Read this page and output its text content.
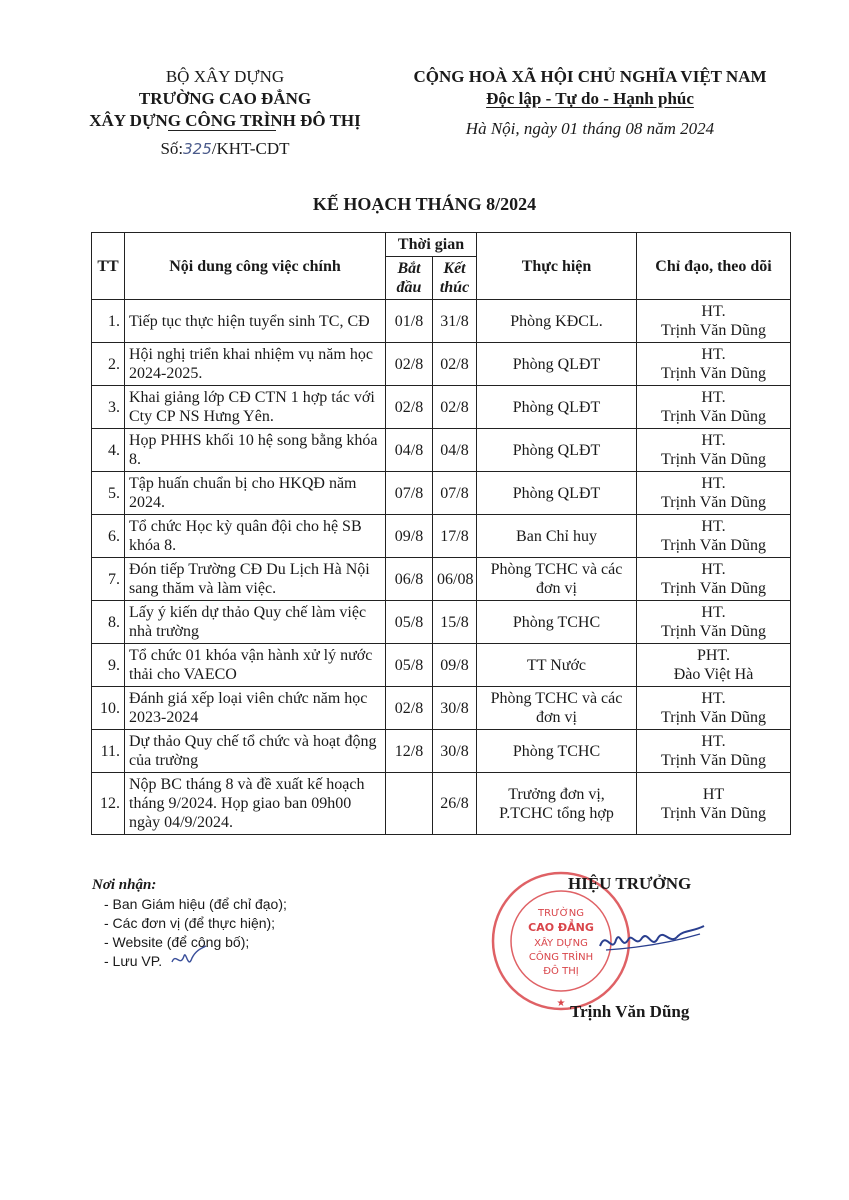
BỘ XÂY DỰNG
TRƯỜNG CAO ĐẲNG
XÂY DỰNG CÔNG TRÌNH ĐÔ THỊ
Số:325/KHT-CDT
CỘNG HOÀ XÃ HỘI CHỦ NGHĨA VIỆT NAM
Độc lập - Tự do - Hạnh phúc
Hà Nội, ngày 01 tháng 08 năm 2024
KẾ HOẠCH THÁNG 8/2024
TT	Nội dung công việc chính	Thời gian		Thực hiện	Chỉ đạo, theo dõi
		Bắt đầu	Kết thúc		
1.	Tiếp tục thực hiện tuyển sinh TC, CĐ	01/8	31/8	Phòng KĐCL.	HT.
Trịnh Văn Dũng

2.	Hội nghị triển khai nhiệm vụ năm học 2024-2025.	02/8	02/8	Phòng QLĐT	HT.
Trịnh Văn Dũng

3.	Khai giảng lớp CĐ CTN 1 hợp tác với Cty CP NS Hưng Yên.	02/8	02/8	Phòng QLĐT	HT.
Trịnh Văn Dũng

4.	Họp PHHS khối 10 hệ song bằng khóa 8.	04/8	04/8	Phòng QLĐT	HT.
Trịnh Văn Dũng

5.	Tập huấn chuẩn bị cho HKQĐ năm 2024.	07/8	07/8	Phòng QLĐT	HT.
Trịnh Văn Dũng

6.	Tổ chức Học kỳ quân đội cho hệ SB khóa 8.	09/8	17/8	Ban Chỉ huy	HT.
Trịnh Văn Dũng

7.	Đón tiếp Trường CĐ Du Lịch Hà Nội sang thăm và làm việc.	06/8	06/08	Phòng TCHC và các đơn vị	HT.
Trịnh Văn Dũng

8.	Lấy ý kiến dự thảo Quy chế làm việc nhà trường	05/8	15/8	Phòng TCHC	HT.
Trịnh Văn Dũng

9.	Tổ chức 01 khóa vận hành xử lý nước thải cho VAECO	05/8	09/8	TT Nước	PHT.
Đào Việt Hà

10.	Đánh giá xếp loại viên chức năm học 2023-2024	02/8	30/8	Phòng TCHC và các đơn vị	HT.
Trịnh Văn Dũng

11.	Dự thảo Quy chế tổ chức và hoạt động của trường	12/8	30/8	Phòng TCHC	HT.
Trịnh Văn Dũng

12.	Nộp BC tháng 8 và đề xuất kế hoạch tháng 9/2024. Họp giao ban 09h00 ngày 04/9/2024.		26/8	Trưởng đơn vị, P.TCHC tổng hợp	HT
Trịnh Văn Dũng
Nơi nhận:
- Ban Giám hiệu (để chỉ đạo);
- Các đơn vị (để thực hiện);
- Website (để công bố);
- Lưu VP.
TRƯỜNG
CAO ĐẲNG
XÂY DỰNG
CÔNG TRÌNH
ĐÔ THỊ
★
HIỆU TRƯỞNG
Trịnh Văn Dũng
